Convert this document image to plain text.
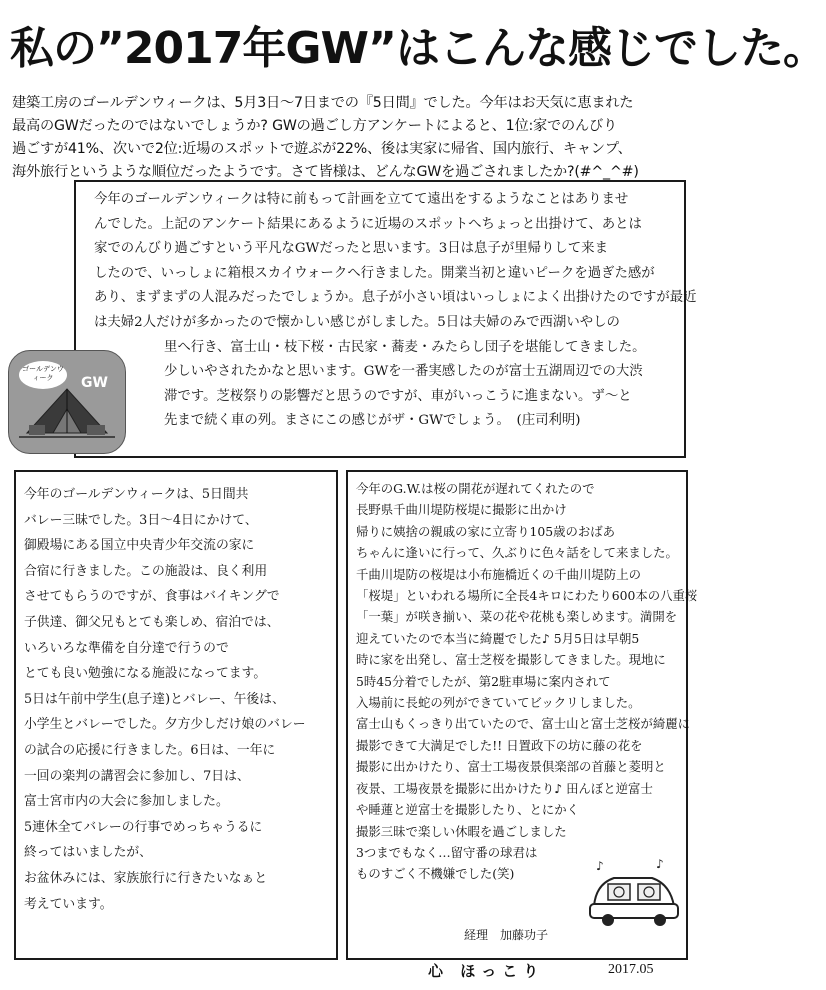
私の”2017年GW”はこんな感じでした。
建築工房のゴールデンウィークは、5月3日〜7日までの『5日間』でした。今年はお天気に恵まれた
最高のGWだったのではないでしょうか? GWの過ごし方アンケートによると、1位:家でのんびり
過ごすが41%、次いで2位:近場のスポットで遊ぶが22%、後は実家に帰省、国内旅行、キャンプ、
海外旅行というような順位だったようです。さて皆様は、どんなGWを過ごされましたか?(#^_^#)
今年のゴールデンウィークは特に前もって計画を立てて遠出をするようなことはありませ
んでした。上記のアンケート結果にあるように近場のスポットへちょっと出掛けて、あとは
家でのんびり過ごすという平凡なGWだったと思います。3日は息子が里帰りして来ま
したので、いっしょに箱根スカイウォークへ行きました。開業当初と違いピークを過ぎた感が
あり、まずまずの人混みだったでしょうか。息子が小さい頃はいっしょによく出掛けたのですが最近
は夫婦2人だけが多かったので懐かしい感じがしました。5日は夫婦のみで西湖いやしの
里へ行き、富士山・枝下桜・古民家・蕎麦・みたらし団子を堪能してきました。
少しいやされたかなと思います。GWを一番実感したのが富士五湖周辺での大渋
滞です。芝桜祭りの影響だと思うのですが、車がいっこうに進まない。ず〜と
先まで続く車の列。まさにこの感じがザ・GWでしょう。　(庄司利明)
ゴールデンウィーク	GW
今年のゴールデンウィークは、5日間共
バレー三昧でした。3日〜4日にかけて、
御殿場にある国立中央青少年交流の家に
合宿に行きました。この施設は、良く利用
させてもらうのですが、食事はバイキングで
子供達、御父兄もとても楽しめ、宿泊では、
いろいろな準備を自分達で行うので
とても良い勉強になる施設になってます。
5日は午前中学生(息子達)とバレー、午後は、
小学生とバレーでした。夕方少しだけ娘のバレー
の試合の応援に行きました。6日は、一年に
一回の楽判の講習会に参加し、7日は、
富士宮市内の大会に参加しました。
5連休全てバレーの行事でめっちゃうるに
終ってはいましたが、
お盆休みには、家族旅行に行きたいなぁと
考えています。
今年のG.W.は桜の開花が遅れてくれたので
長野県千曲川堤防桜堤に撮影に出かけ
帰りに姨捨の親戚の家に立寄り105歳のおばあ
ちゃんに逢いに行って、久ぶりに色々話をして来ました。
千曲川堤防の桜堤は小布施橋近くの千曲川堤防上の
「桜堤」といわれる場所に全長4キロにわたり600本の八重桜
「一葉」が咲き揃い、菜の花や花桃も楽しめます。満開を
迎えていたので本当に綺麗でした♪ 5月5日は早朝5
時に家を出発し、富士芝桜を撮影してきました。現地に
5時45分着でしたが、第2駐車場に案内されて
入場前に長蛇の列ができていてビックリしました。
富士山もくっきり出ていたので、富士山と富士芝桜が綺麗に
撮影できて大満足でした!! 日置政下の坊に藤の花を
撮影に出かけたり、富士工場夜景倶楽部の首藤と菱明と
夜景、工場夜景を撮影に出かけたり♪ 田んぼと逆富士
や睡蓮と逆富士を撮影したり、とにかく
撮影三昧で楽しい休暇を過ごしました
3つまでもなく…留守番の球君は
ものすごく不機嫌でした(笑)
♪	♪
経理　加藤功子
心 ほっこり	2017.05
